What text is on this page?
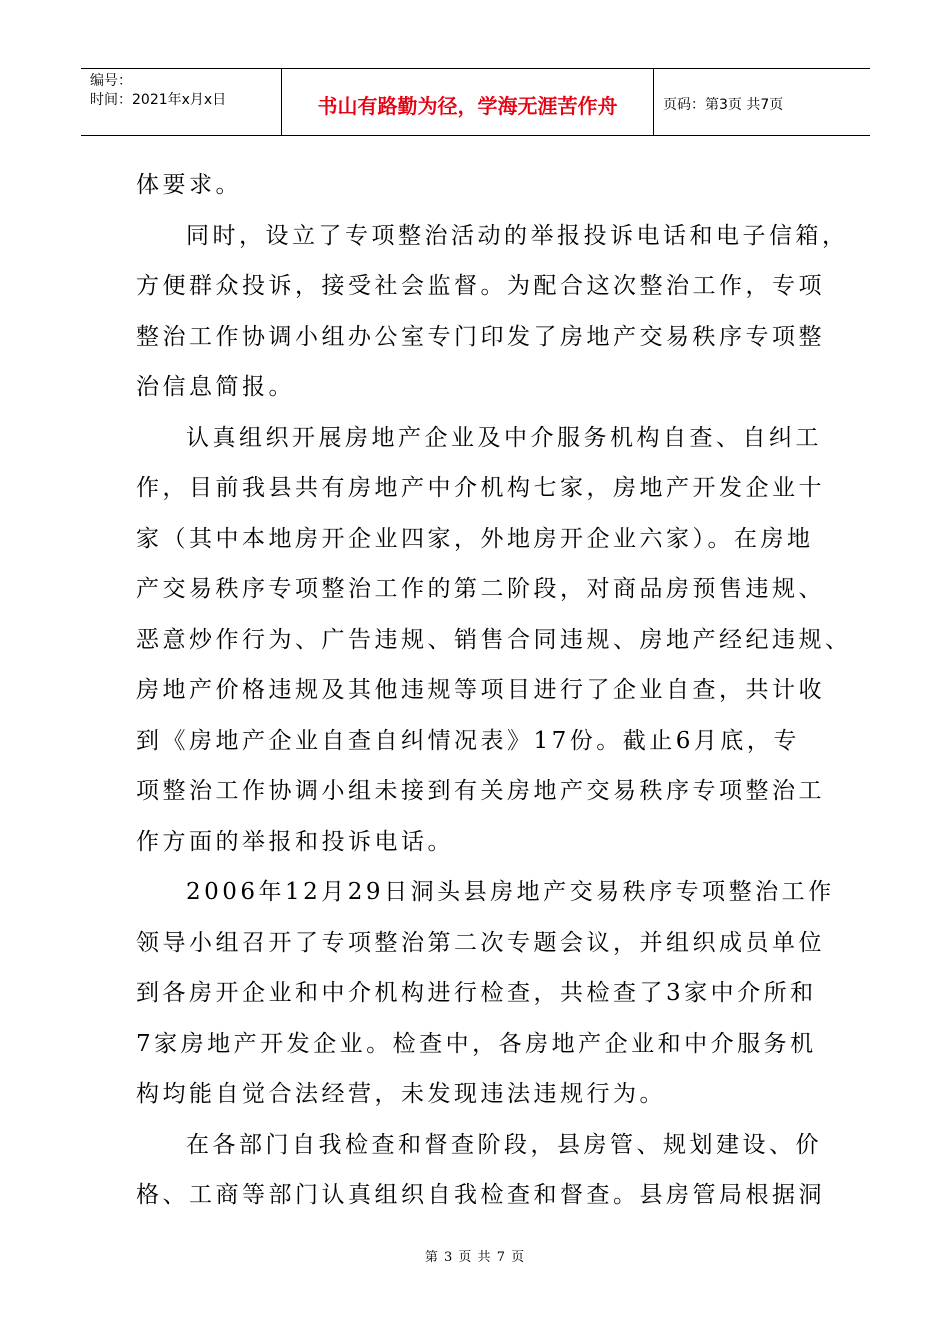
编号：
时间：2021年x月x日	书山有路勤为径，学海无涯苦作舟	页码：第3页 共7页
体要求。
同时，设立了专项整治活动的举报投诉电话和电子信箱，
方便群众投诉，接受社会监督。为配合这次整治工作，专项
整治工作协调小组办公室专门印发了房地产交易秩序专项整
治信息简报。
认真组织开展房地产企业及中介服务机构自查、自纠工
作，目前我县共有房地产中介机构七家，房地产开发企业十
家（其中本地房开企业四家，外地房开企业六家）。在房地
产交易秩序专项整治工作的第二阶段，对商品房预售违规、
恶意炒作行为、广告违规、销售合同违规、房地产经纪违规、
房地产价格违规及其他违规等项目进行了企业自查，共计收
到《房地产企业自查自纠情况表》17份。截止6月底，专
项整治工作协调小组未接到有关房地产交易秩序专项整治工
作方面的举报和投诉电话。
2006年12月29日洞头县房地产交易秩序专项整治工作
领导小组召开了专项整治第二次专题会议，并组织成员单位
到各房开企业和中介机构进行检查，共检查了3家中介所和
7家房地产开发企业。检查中，各房地产企业和中介服务机
构均能自觉合法经营，未发现违法违规行为。
在各部门自我检查和督查阶段，县房管、规划建设、价
格、工商等部门认真组织自我检查和督查。县房管局根据洞
第 3 页 共 7 页
